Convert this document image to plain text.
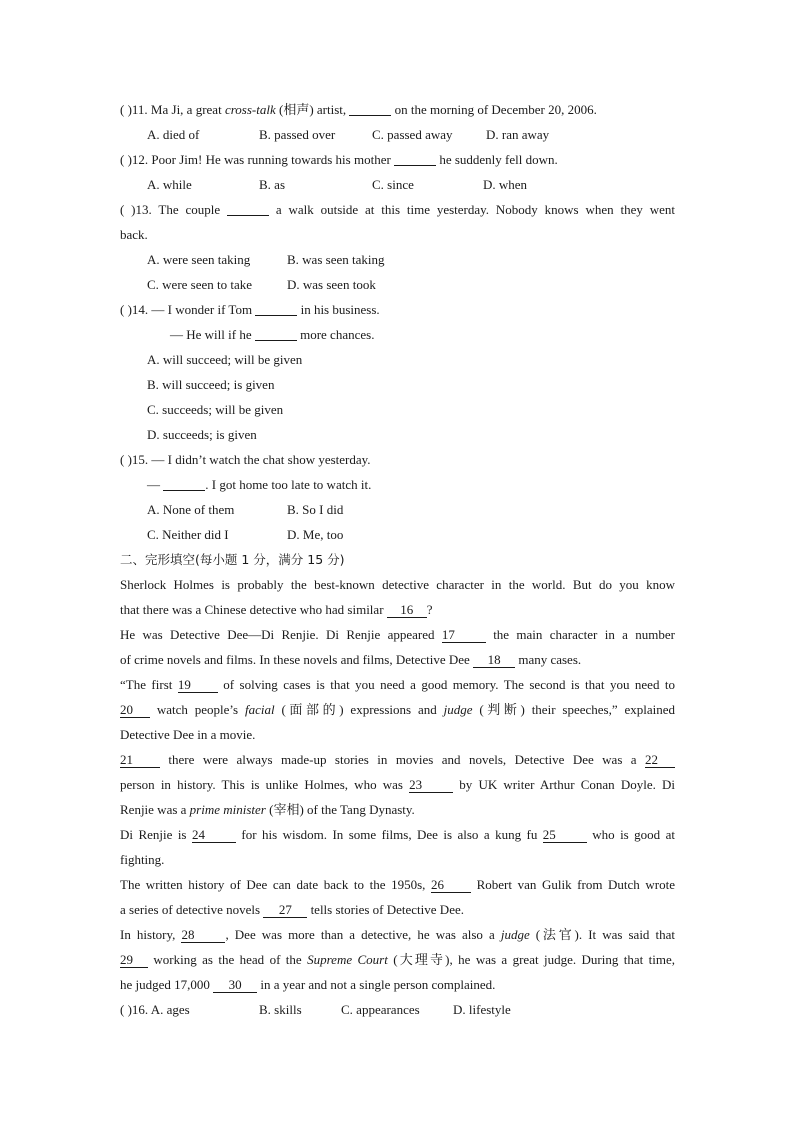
( )11. Ma Ji, a great cross-talk (相声) artist,	on the morning of December 20, 2006.
A. died of	B. passed over	C. passed away	D. ran away
( )12. Poor Jim! He was running towards his mother	he suddenly fell down.
A. while	B. as	C. since	D. when
( )13. The couple	a walk outside at this time yesterday. Nobody knows when they went
back.
A. were seen taking	B. was seen taking
C. were seen to take	D. was seen took
( )14. — I wonder if Tom	in his business.
— He will if he	more chances.
A. will succeed; will be given
B. will succeed; is given
C. succeeds; will be given
D. succeeds; is given
( )15. — I didn’t watch the chat show yesterday.
—	. I got home too late to watch it.
A. None of them	B. So I did
C. Neither did I	D. Me, too
二、完形填空(每小题 1 分，满分 15 分)
Sherlock Holmes is probably the best-known detective character in the world. But do you know
that there was a Chinese detective who had similar 16 ?
He was Detective Dee—Di Renjie. Di Renjie appeared 17 the main character in a number
of crime novels and films. In these novels and films, Detective Dee 18 many cases.
“The first 19 of solving cases is that you need a good memory. The second is that you need to
20 watch people’s facial (面部的) expressions and judge (判断) their speeches,” explained
Detective Dee in a movie.
21 there were always made-up stories in movies and novels, Detective Dee was a 22
person in history. This is unlike Holmes, who was 23 by UK writer Arthur Conan Doyle. Di
Renjie was a prime minister (宰相) of the Tang Dynasty.
Di Renjie is 24 for his wisdom. In some films, Dee is also a kung fu 25 who is good at
fighting.
The written history of Dee can date back to the 1950s, 26 Robert van Gulik from Dutch wrote
a series of detective novels 27 tells stories of Detective Dee.
In history, 28 , Dee was more than a detective, he was also a judge (法官). It was said that
29 working as the head of the Supreme Court (大理寺), he was a great judge. During that time,
he judged 17,000 30 in a year and not a single person complained.
( )16. A. ages	B. skills	C. appearances	D. lifestyle
